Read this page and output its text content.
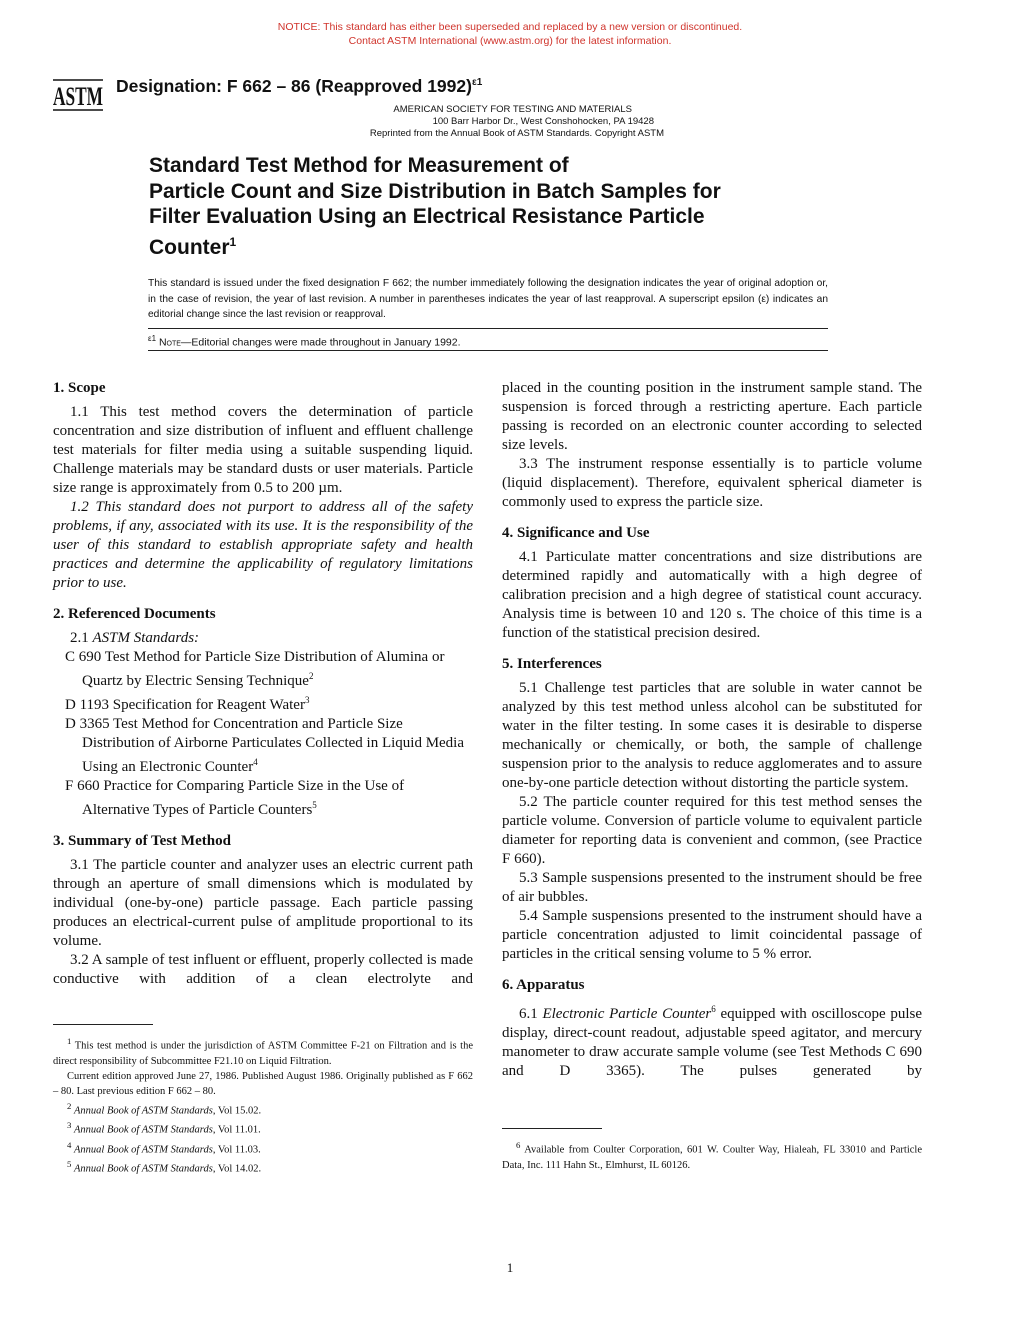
NOTICE: This standard has either been superseded and replaced by a new version or discontinued.
Contact ASTM International (www.astm.org) for the latest information.
ASTM Designation: F 662 – 86 (Reapproved 1992)$^{\varepsilon 1}$
AMERICAN SOCIETY FOR TESTING AND MATERIALS
100 Barr Harbor Dr., West Conshohocken, PA 19428
Reprinted from the Annual Book of ASTM Standards. Copyright ASTM
Standard Test Method for Measurement of
Particle Count and Size Distribution in Batch Samples for
Filter Evaluation Using an Electrical Resistance Particle
Counter$^1$
This standard is issued under the fixed designation F 662; the number immediately following the designation indicates the year of original adoption or, in the case of revision, the year of last revision. A number in parentheses indicates the year of last reapproval. A superscript epsilon (ε) indicates an editorial change since the last revision or reapproval.
$^{\varepsilon 1}$ Note—Editorial changes were made throughout in January 1992.

1. Scope

1.1 This test method covers the determination of particle concentration and size distribution of influent and effluent challenge test materials for filter media using a suitable suspending liquid. Challenge materials may be standard dusts or user materials. Particle size range is approximately from 0.5 to 200 µm.

1.2 This standard does not purport to address all of the safety problems, if any, associated with its use. It is the responsibility of the user of this standard to establish appropriate safety and health practices and determine the applicability of regulatory limitations prior to use.

2. Referenced Documents

2.1 ASTM Standards:

C 690 Test Method for Particle Size Distribution of Alumina or Quartz by Electric Sensing Technique$^2$

D 1193 Specification for Reagent Water$^3$

D 3365 Test Method for Concentration and Particle Size Distribution of Airborne Particulates Collected in Liquid Media Using an Electronic Counter$^4$

F 660 Practice for Comparing Particle Size in the Use of Alternative Types of Particle Counters$^5$

3. Summary of Test Method

3.1 The particle counter and analyzer uses an electric current path through an aperture of small dimensions which is modulated by individual (one-by-one) particle passage. Each particle passing produces an electrical-current pulse of amplitude proportional to its volume.

3.2 A sample of test influent or effluent, properly collected is made conductive with addition of a clean electrolyte and

$^1$ This test method is under the jurisdiction of ASTM Committee F-21 on Filtration and is the direct responsibility of Subcommittee F21.10 on Liquid Filtration.

Current edition approved June 27, 1986. Published August 1986. Originally published as F 662 – 80. Last previous edition F 662 – 80.

$^2$ Annual Book of ASTM Standards, Vol 15.02.

$^3$ Annual Book of ASTM Standards, Vol 11.01.

$^4$ Annual Book of ASTM Standards, Vol 11.03.

$^5$ Annual Book of ASTM Standards, Vol 14.02.

placed in the counting position in the instrument sample stand. The suspension is forced through a restricting aperture. Each particle passing is recorded on an electronic counter according to selected size levels.

3.3 The instrument response essentially is to particle volume (liquid displacement). Therefore, equivalent spherical diameter is commonly used to express the particle size.

4. Significance and Use

4.1 Particulate matter concentrations and size distributions are determined rapidly and automatically with a high degree of calibration precision and a high degree of statistical count accuracy. Analysis time is between 10 and 120 s. The choice of this time is a function of the statistical precision desired.

5. Interferences

5.1 Challenge test particles that are soluble in water cannot be analyzed by this test method unless alcohol can be substituted for water in the filter testing. In some cases it is desirable to disperse mechanically or chemically, or both, the sample of challenge suspension prior to the analysis to reduce agglomerates and to assure one-by-one particle detection without distorting the particle system.

5.2 The particle counter required for this test method senses the particle volume. Conversion of particle volume to equivalent particle diameter for reporting data is convenient and common, (see Practice F 660).

5.3 Sample suspensions presented to the instrument should be free of air bubbles.

5.4 Sample suspensions presented to the instrument should have a particle concentration adjusted to limit coincidental passage of particles in the critical sensing volume to 5 % error.

6. Apparatus

6.1 Electronic Particle Counter$^6$ equipped with oscilloscope pulse display, direct-count readout, adjustable speed agitator, and mercury manometer to draw accurate sample volume (see Test Methods C 690 and D 3365). The pulses generated by

$^6$ Available from Coulter Corporation, 601 W. Coulter Way, Hialeah, FL 33010 and Particle Data, Inc. 111 Hahn St., Elmhurst, IL 60126.

1
